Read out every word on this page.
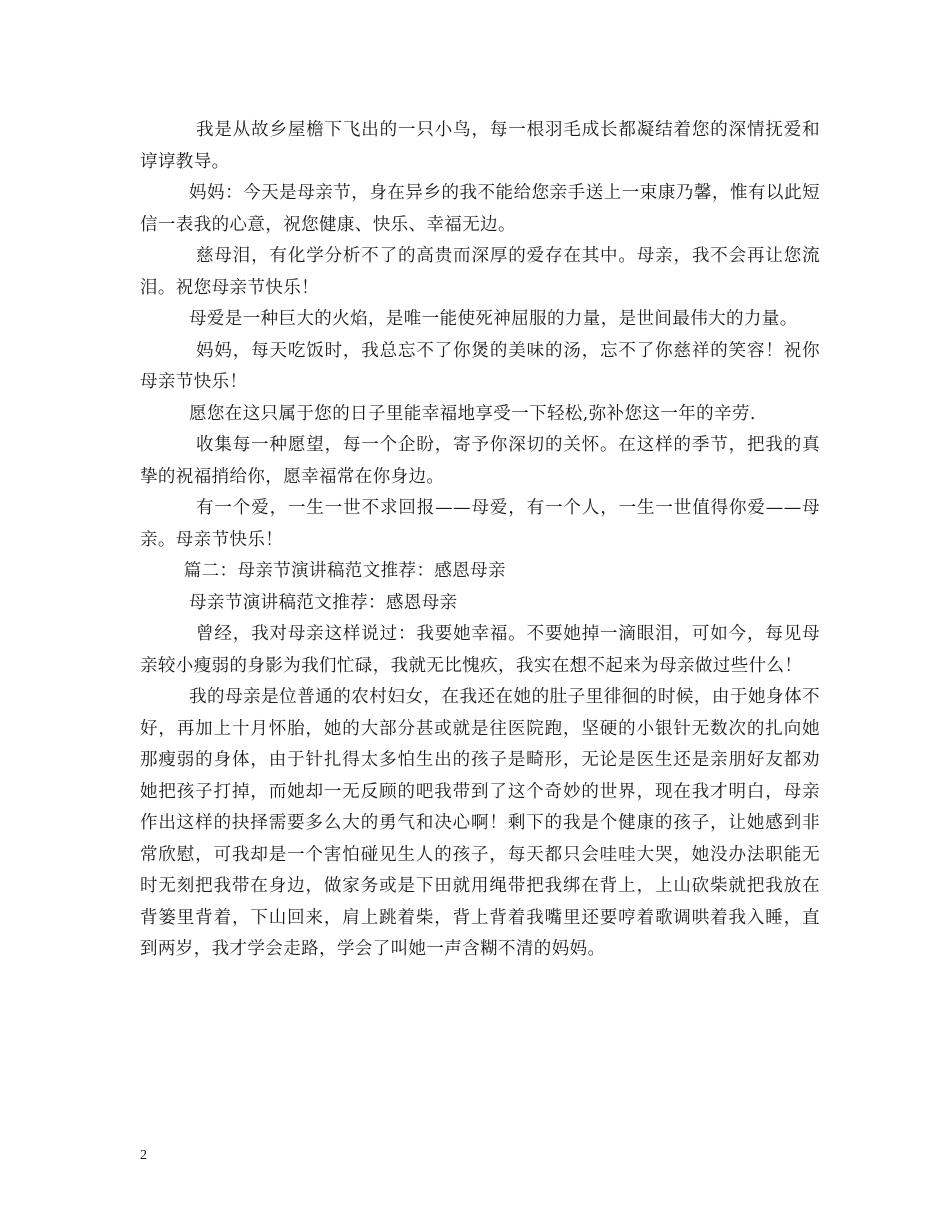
我是从故乡屋檐下飞出的一只小鸟，每一根羽毛成长都凝结着您的深情抚爱和谆谆教导。

妈妈：今天是母亲节，身在异乡的我不能给您亲手送上一束康乃馨，惟有以此短信一表我的心意，祝您健康、快乐、幸福无边。

慈母泪，有化学分析不了的高贵而深厚的爱存在其中。母亲，我不会再让您流泪。祝您母亲节快乐！

母爱是一种巨大的火焰，是唯一能使死神屈服的力量，是世间最伟大的力量。

妈妈，每天吃饭时，我总忘不了你煲的美味的汤，忘不了你慈祥的笑容！祝你母亲节快乐！

愿您在这只属于您的日子里能幸福地享受一下轻松,弥补您这一年的辛劳.

收集每一种愿望，每一个企盼，寄予你深切的关怀。在这样的季节，把我的真挚的祝福捎给你，愿幸福常在你身边。

有一个爱，一生一世不求回报——母爱，有一个人，一生一世值得你爱——母亲。母亲节快乐！

篇二：母亲节演讲稿范文推荐：感恩母亲

母亲节演讲稿范文推荐：感恩母亲

曾经，我对母亲这样说过：我要她幸福。不要她掉一滴眼泪，可如今，每见母亲较小瘦弱的身影为我们忙碌，我就无比愧疚，我实在想不起来为母亲做过些什么！

我的母亲是位普通的农村妇女，在我还在她的肚子里徘徊的时候，由于她身体不好，再加上十月怀胎，她的大部分甚或就是往医院跑，坚硬的小银针无数次的扎向她那瘦弱的身体，由于针扎得太多怕生出的孩子是畸形，无论是医生还是亲朋好友都劝她把孩子打掉，而她却一无反顾的吧我带到了这个奇妙的世界，现在我才明白，母亲作出这样的抉择需要多么大的勇气和决心啊！剩下的我是个健康的孩子，让她感到非常欣慰，可我却是一个害怕碰见生人的孩子，每天都只会哇哇大哭，她没办法职能无时无刻把我带在身边，做家务或是下田就用绳带把我绑在背上，上山砍柴就把我放在背篓里背着，下山回来，肩上跳着柴，背上背着我嘴里还要哼着歌调哄着我入睡，直到两岁，我才学会走路，学会了叫她一声含糊不清的妈妈。

2
